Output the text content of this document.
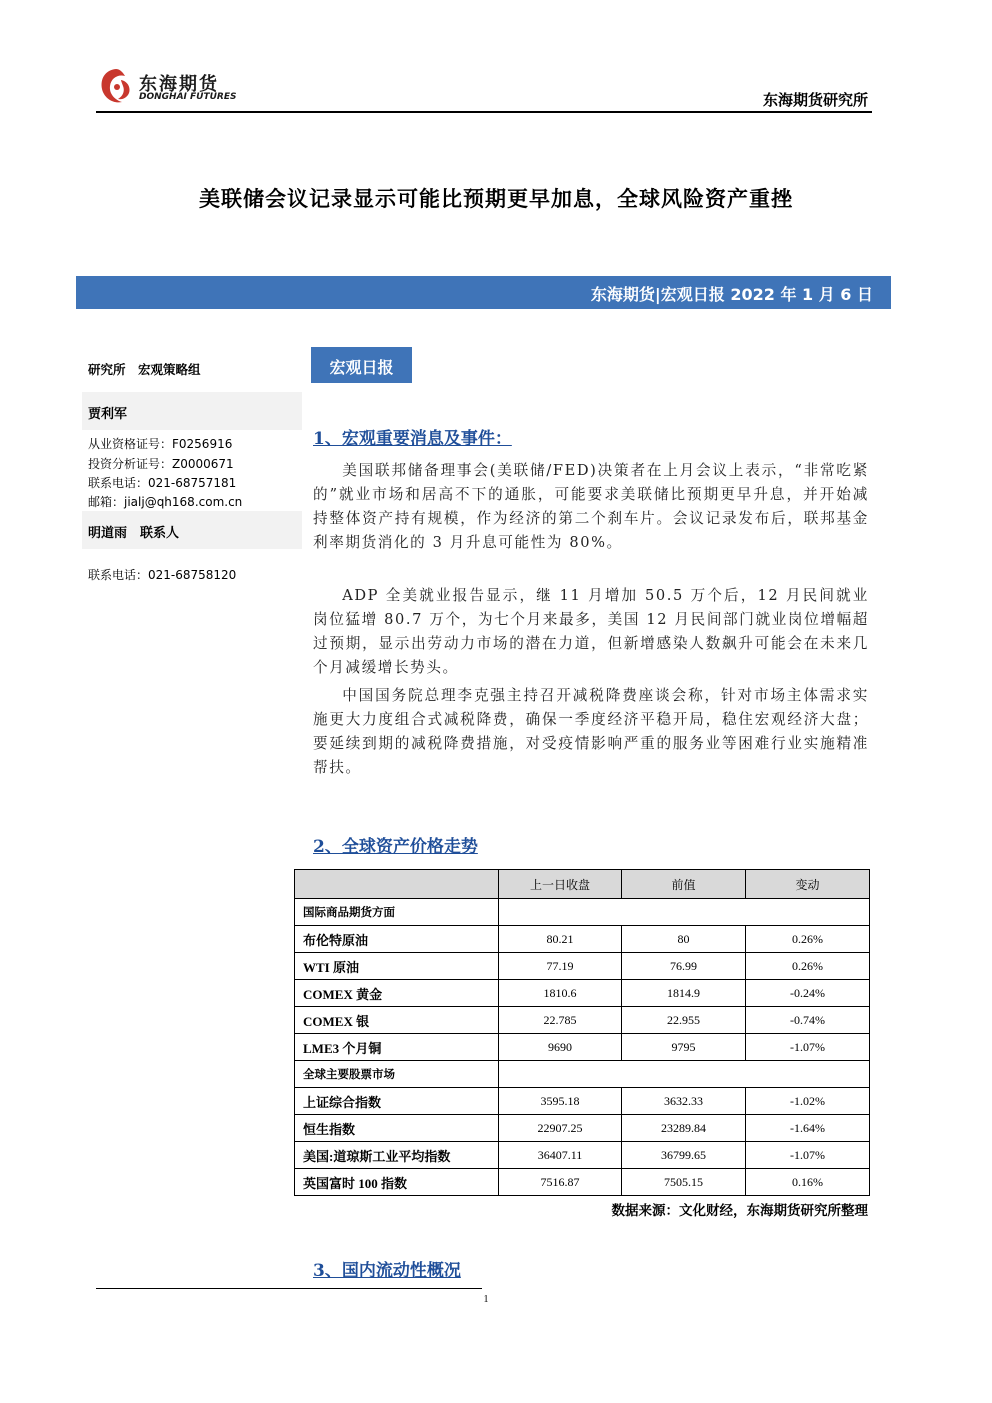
东海期货
DONGHAI FUTURES	东海期货研究所
美联储会议记录显示可能比预期更早加息，全球风险资产重挫
东海期货|宏观日报 2022 年 1 月 6 日
研究所　宏观策略组
贾利军
从业资格证号：F0256916
投资分析证号：Z0000671
联系电话：021-68757181
邮箱：jialj@qh168.com.cn
明道雨　联系人
联系电话：021-68758120
宏观日报
1、宏观重要消息及事件：

美国联邦储备理事会(美联储/FED)决策者在上月会议上表示，“非常吃紧的”就业市场和居高不下的通胀，可能要求美联储比预期更早升息，并开始减持整体资产持有规模，作为经济的第二个刹车片。会议记录发布后，联邦基金利率期货消化的 3 月升息可能性为 80%。

ADP 全美就业报告显示，继 11 月增加 50.5 万个后，12 月民间就业岗位猛增 80.7 万个，为七个月来最多，美国 12 月民间部门就业岗位增幅超过预期，显示出劳动力市场的潜在力道，但新增感染人数飙升可能会在未来几个月减缓增长势头。

中国国务院总理李克强主持召开减税降费座谈会称，针对市场主体需求实施更大力度组合式减税降费，确保一季度经济平稳开局，稳住宏观经济大盘；要延续到期的减税降费措施，对受疫情影响严重的服务业等困难行业实施精准帮扶。

2、全球资产价格走势
	上一日收盘	前值	变动
国际商品期货方面			
布伦特原油	80.21	80	0.26%
WTI 原油	77.19	76.99	0.26%
COMEX 黄金	1810.6	1814.9	-0.24%
COMEX 银	22.785	22.955	-0.74%
LME3 个月铜	9690	9795	-1.07%
全球主要股票市场			
上证综合指数	3595.18	3632.33	-1.02%
恒生指数	22907.25	23289.84	-1.64%
美国:道琼斯工业平均指数	36407.11	36799.65	-1.07%
英国富时 100 指数	7516.87	7505.15	0.16%
数据来源：文化财经，东海期货研究所整理
3、国内流动性概况
1
